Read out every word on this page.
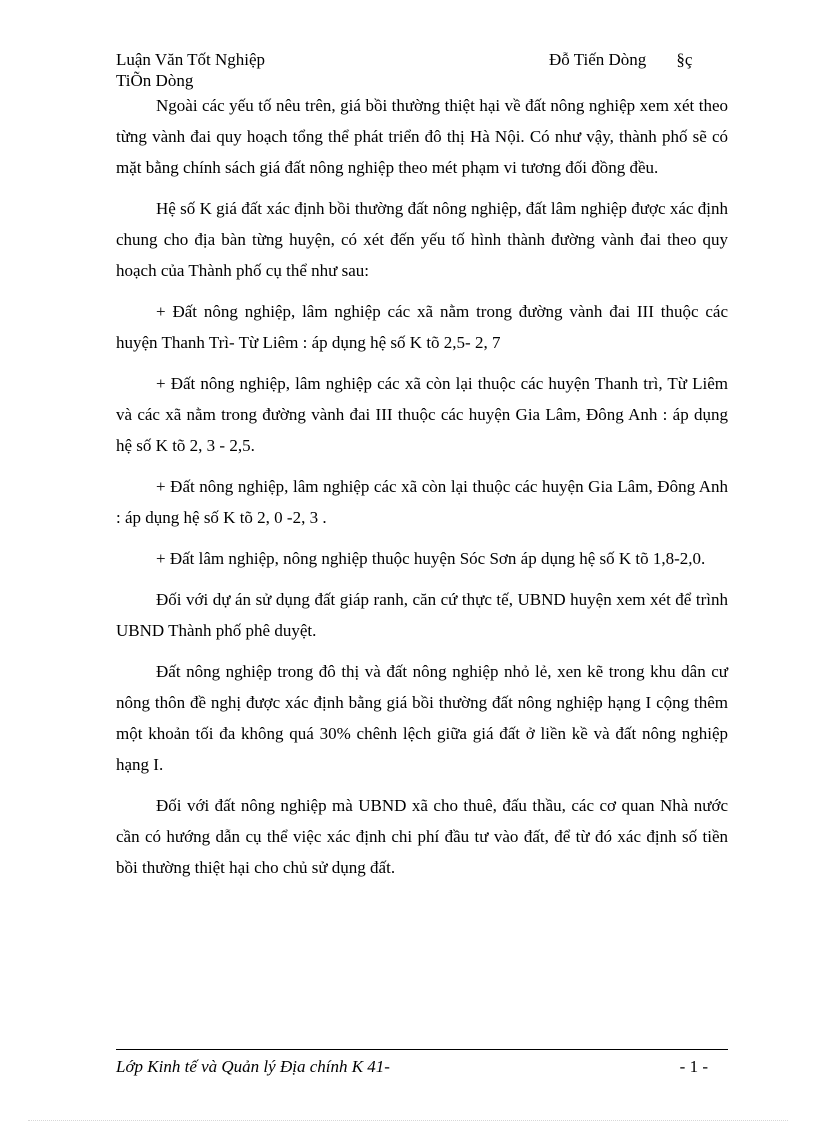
Luận Văn Tốt Nghiệp	Đỗ Tiến Dòng §ç
TiÕn Dòng

Ngoài các yếu tố nêu trên, giá bồi thường thiệt hại về đất nông nghiệp xem xét theo từng vành đai quy hoạch tổng thể phát triển đô thị Hà Nội. Có như vậy, thành phố sẽ có mặt bằng chính sách giá đất nông nghiệp theo mét phạm vi tương đối đồng đều.

Hệ số K giá đất xác định bồi thường đất nông nghiệp, đất lâm nghiệp được xác định chung cho địa bàn từng huyện, có xét đến yếu tố hình thành đường vành đai theo quy hoạch của Thành phố cụ thể như sau:

+ Đất nông nghiệp, lâm nghiệp các xã nằm trong đường vành đai III thuộc các huyện Thanh Trì- Từ Liêm : áp dụng hệ số K tõ 2,5- 2, 7

+ Đất nông nghiệp, lâm nghiệp các xã còn lại thuộc các huyện Thanh trì, Từ Liêm và các xã nằm trong đường vành đai III thuộc các huyện Gia Lâm, Đông Anh : áp dụng hệ số K tõ 2, 3 - 2,5.

+ Đất nông nghiệp, lâm nghiệp các xã còn lại thuộc các huyện Gia Lâm, Đông Anh : áp dụng hệ số K tõ 2, 0 -2, 3 .

+ Đất lâm nghiệp, nông nghiệp thuộc huyện Sóc Sơn áp dụng hệ số K tõ 1,8-2,0.

Đối với dự án sử dụng đất giáp ranh, căn cứ thực tế, UBND huyện xem xét để trình UBND Thành phố phê duyệt.

Đất nông nghiệp trong đô thị và đất nông nghiệp nhỏ lẻ, xen kẽ trong khu dân cư nông thôn đề nghị được xác định bằng giá bồi thường đất nông nghiệp hạng I cộng thêm một khoản tối đa không quá 30% chênh lệch giữa giá đất ở liền kề và đất nông nghiệp hạng I.

Đối với đất nông nghiệp mà UBND xã cho thuê, đấu thầu, các cơ quan Nhà nước cần có hướng dẫn cụ thể việc xác định chi phí đầu tư vào đất, để từ đó xác định số tiền bồi thường thiệt hại cho chủ sử dụng đất.

Lớp Kinh tế và Quản lý Địa chính K 41-	- 1 -
